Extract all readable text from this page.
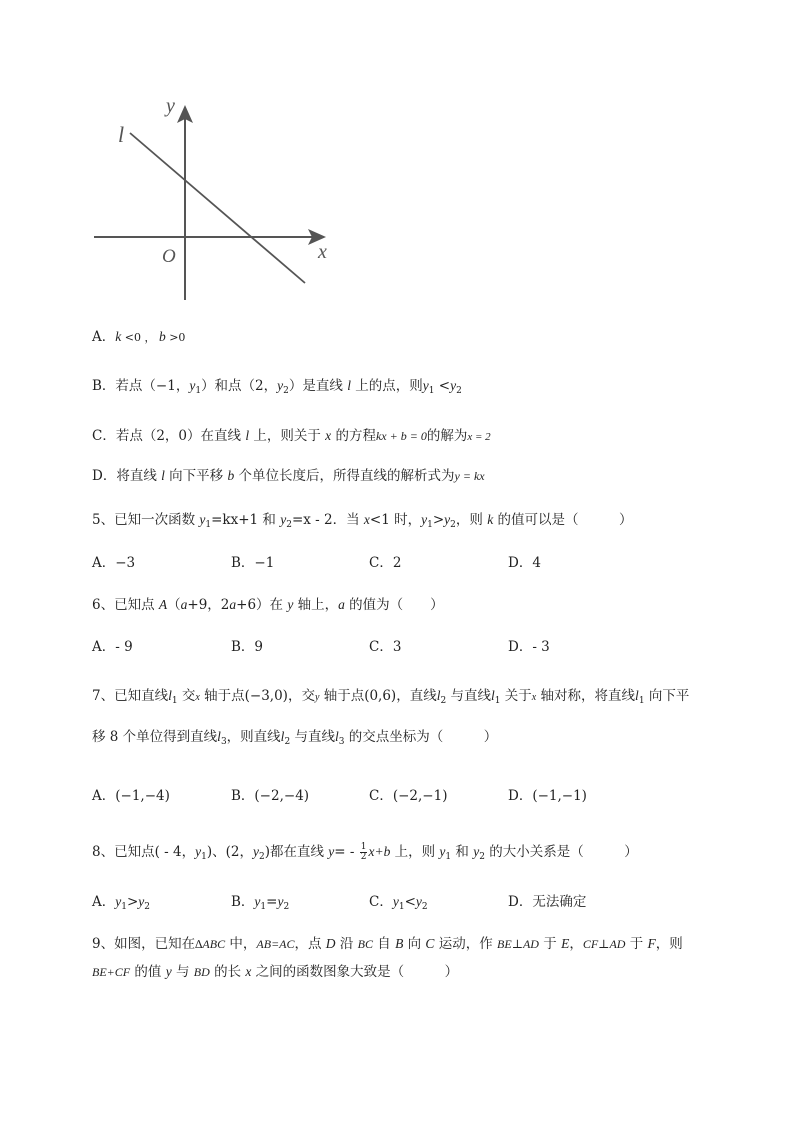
y
x
O
l
A．k <0 ， b >0
B．若点（−1，$y_1$）和点（2，$y_2$）是直线 l 上的点，则$y_1 <y_2$
C．若点（2，0）在直线 l 上，则关于 x 的方程kx + b = 0的解为x = 2
D．将直线 l 向下平移 b 个单位长度后，所得直线的解析式为y = kx
5、已知一次函数 $y_1=kx+1$ 和 $y_2=x - 2$．当 x<1 时，$y_1>y_2$，则 k 的值可以是（　　　）
A．−3	B．−1	C．2	D．4
6、已知点 A（a+9，2a+6）在 y 轴上，a 的值为（　　）
A．- 9	B．9	C．3	D．- 3
7、已知直线$l_1$ 交x 轴于点(−3,0)，交y 轴于点(0,6)，直线$l_2$ 与直线$l_1$ 关于x 轴对称，将直线$l_1$ 向下平
移 8 个单位得到直线$l_3$，则直线$l_2$ 与直线$l_3$ 的交点坐标为（　　　）
A．(−1,−4)	B．(−2,−4)	C．(−2,−1)	D．(−1,−1)
8、已知点( - 4，$y_1$)、(2，$y_2$)都在直线 $y= - \frac{1}{2} x+b$ 上，则 $y_1$ 和 $y_2$ 的大小关系是（　　　）
A．$y_1>y_2$	B．$y_1=y_2$	C．$y_1<y_2$	D．无法确定
9、如图，已知在∆ABC 中，AB=AC，点 D 沿 BC 自 B 向 C 运动，作 BE⊥AD 于 E，CF⊥AD 于 F，则
BE+CF 的值 y 与 BD 的长 x 之间的函数图象大致是（　　　）
